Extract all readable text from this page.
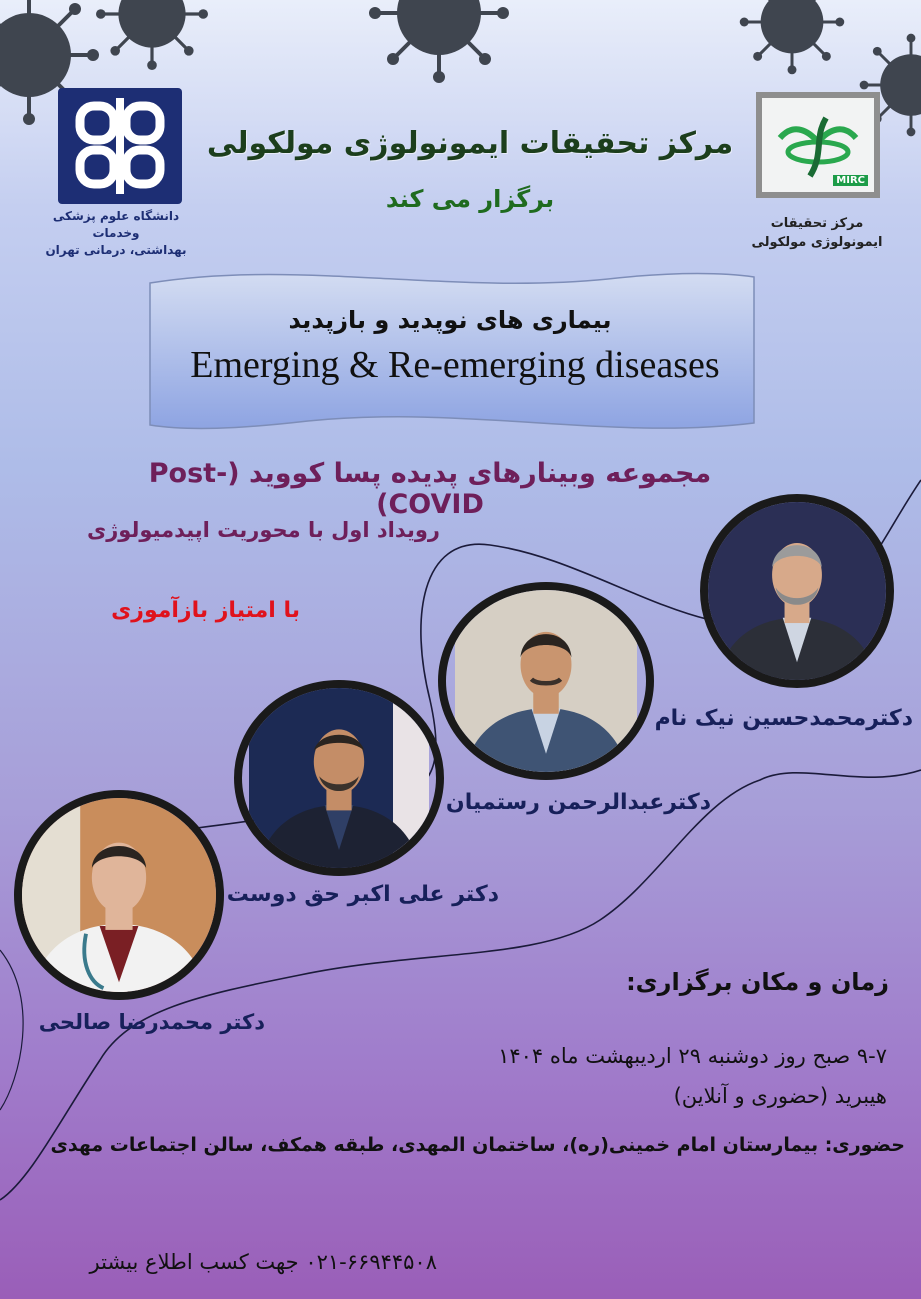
دانشگاه علوم پزشکی وخدمات
بهداشتی، درمانی تهران
MIRC
مرکز تحقیقات
ایمونولوژی مولکولی
مرکز تحقیقات ایمونولوژی مولکولی
برگزار می کند
بیماری های نوپدید و بازپدید
Emerging & Re-emerging diseases
مجموعه وبینارهای پدیده پسا کووید (Post-COVID)
رویداد اول با محوریت اپیدمیولوژی
با امتیاز بازآموزی
دکترمحمدحسین نیک نام
دکترعبدالرحمن رستمیان
دکتر علی اکبر حق دوست
دکتر محمدرضا صالحی
زمان و مکان برگزاری:
۹-۷ صبح روز دوشنبه ۲۹ اردیبهشت ماه ۱۴۰۴
هیبرید (حضوری و آنلاین)
حضوری: بیمارستان امام خمینی(ره)، ساختمان المهدی، طبقه همکف، سالن اجتماعات مهدی
۰۲۱-۶۶۹۴۴۵۰۸ جهت کسب اطلاع بیشتر
